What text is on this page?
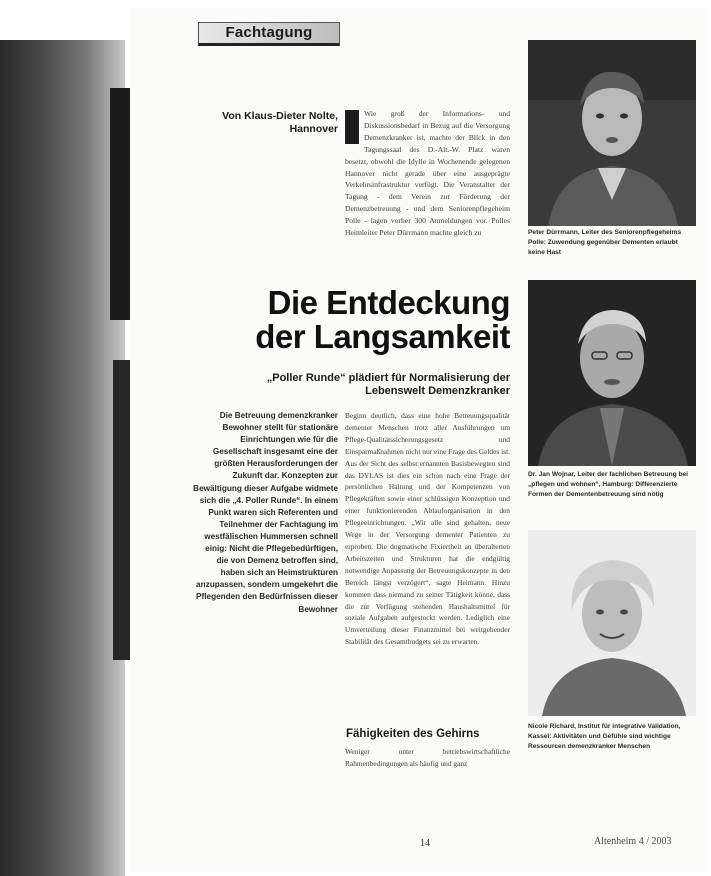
Fachtagung
Von Klaus-Dieter Nolte, Hannover
Wie groß der Informations- und Diskussionsbedarf in Bezug auf die Versorgung Demenzkranker ist, machte der Blick in den Tagungssaal des D.-Alt.-W. Platz waren besetzt, obwohl die Idylle in Wochenende gelegenen Hannover nicht gerade über eine ausgeprägte Verkehrsinfrastruktur verfügt. Die Veranstalter der Tagung - dem Verein zur Förderung der Demenzbetreuung - und dem Seniorenpflegeheim Polle - lagen vorher 300 Anmeldungen vor. Polles Heimleiter Peter Dürrmann machte gleich zu
Die Entdeckung
der Langsamkeit
„Poller Runde“ plädiert für Normalisierung der Lebenswelt Demenzkranker
Die Betreuung demenzkranker Bewohner stellt für stationäre Einrichtungen wie für die Gesellschaft insgesamt eine der größten Herausforderungen der Zukunft dar. Konzepten zur Bewältigung dieser Aufgabe widmete sich die „4. Poller Runde“. In einem Punkt waren sich Referenten und Teilnehmer der Fachtagung im westfälischen Hummersen schnell einig: Nicht die Pflegebedürftigen, die von Demenz betroffen sind, haben sich an Heimstrukturen anzupassen, sondern umgekehrt die Pflegenden den Bedürfnissen dieser Bewohner
Beginn deutlich, dass eine hohe Betreuungsqualität dementer Menschen trotz aller Ausführungen um Pflege-Qualitätssicherungsgesetz und Einsparmaßnahmen nicht nur eine Frage des Geldes ist. Aus der Sicht des selbst ernannten Basisbewegten sind das DYLAS ist dies ein schon nach eine Frage der persönlichen Haltung und der Kompetenzen von Pflegekräften sowie einer schlüssigen Konzeption und einer funktionierenden Ablauforganisation in den Pflegeeinrichtungen. „Wir alle sind gehalten, neue Wege in der Versorgung dementer Patienten zu erproben. Die dogmatische Fixiertheit an überalterten Arbeitszeiten und Strukturen hat die endgültig notwendige Anpassung der Betreuungskonzepte in den Bereich längst verzögert“, sagte Heimann. Hinzu kommen dass niemand zu seiner Tätigkeit könne, dass die zur Verfügung stehenden Haushaltsmittel für soziale Aufgaben aufgestockt werden. Lediglich eine Umverteilung dieser Finanzmittel bei weitgehender Stabilität des Gesamtbudgets sei zu erwarten.
Fähigkeiten des Gehirns
Weniger unter betriebswirtschaftliche Rahmenbedingungen als häufig und ganz
Peter Dürrmann, Leiter des Seniorenpflegeheims Polle: Zuwendung gegenüber Dementen erlaubt keine Hast
Dr. Jan Wojnar, Leiter der fachlichen Betreuung bei „pflegen und wohnen“, Hamburg: Differenzierte Formen der Dementenbetreuung sind nötig
Nicole Richard, Institut für integrative Validation, Kassel: Aktivitäten und Gefühle sind wichtige Ressourcen demenzkranker Menschen
14	Altenheim 4 / 2003
